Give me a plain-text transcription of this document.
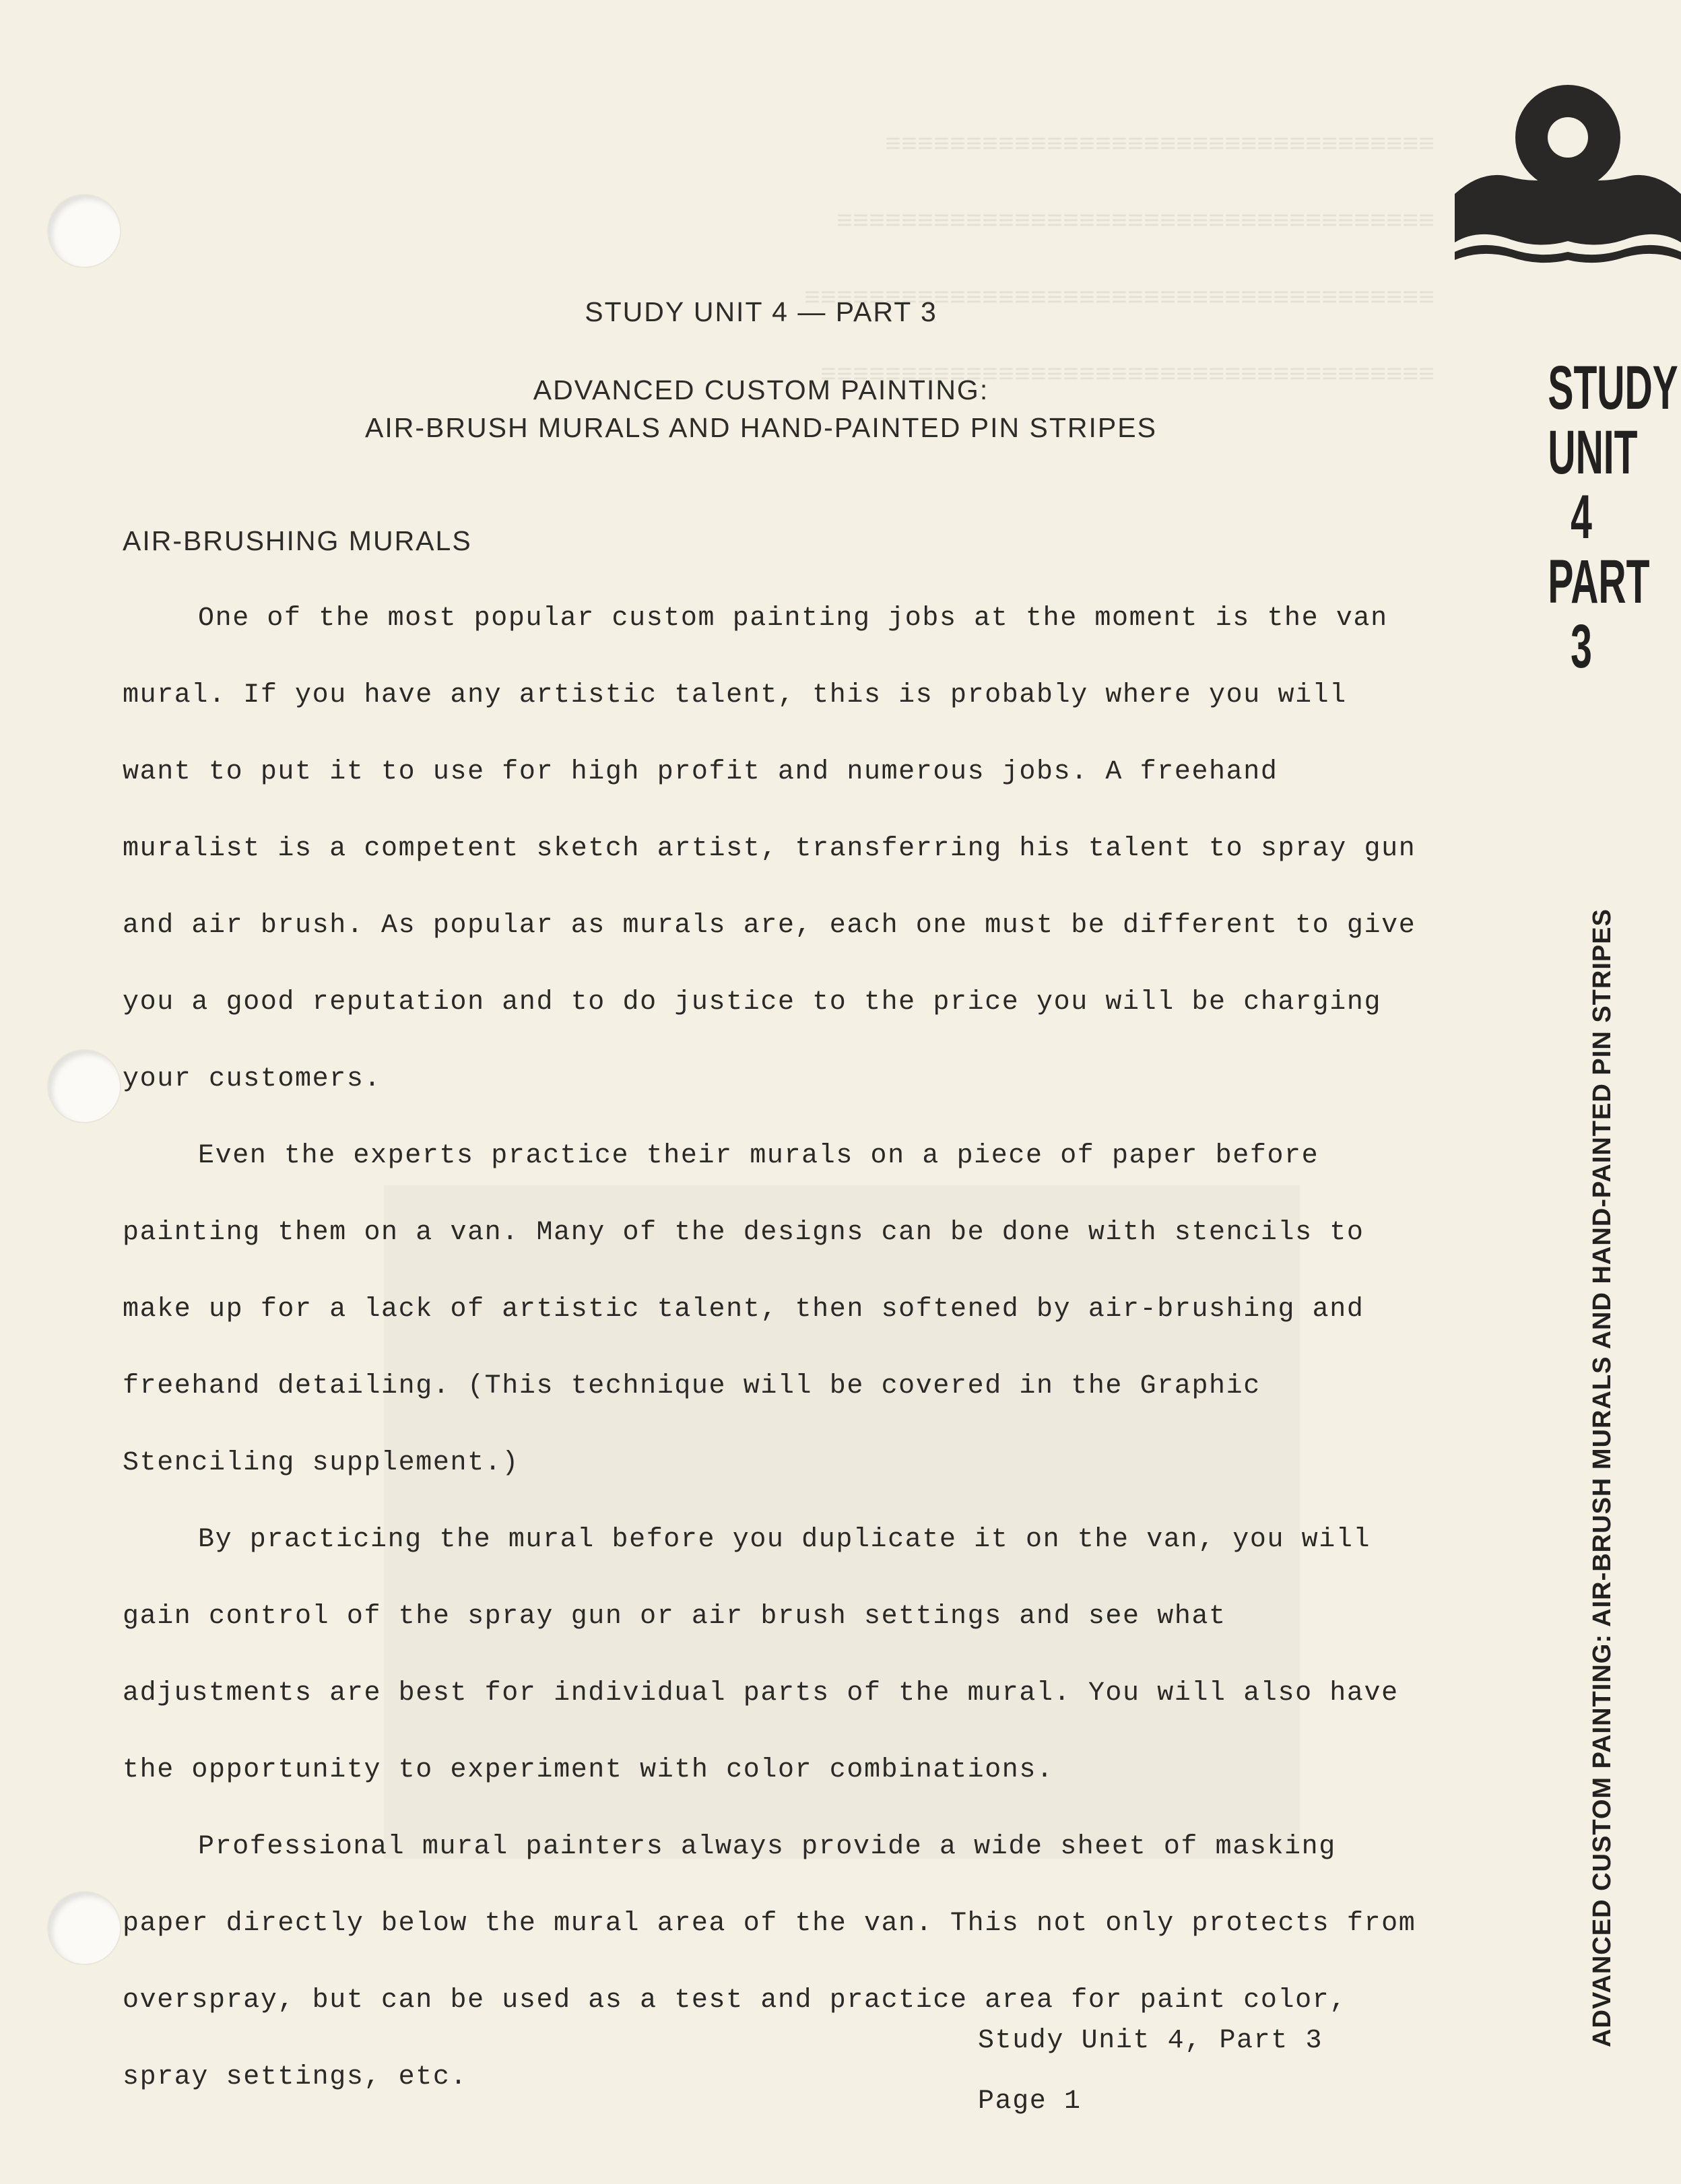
≡≡≡≡≡≡≡≡≡≡≡≡≡≡≡≡≡≡≡≡≡≡≡≡≡≡≡≡≡≡≡≡≡≡
≡≡≡≡≡≡≡≡≡≡≡≡≡≡≡≡≡≡≡≡≡≡≡≡≡≡≡≡≡≡≡≡≡≡≡≡≡
≡≡≡≡≡≡≡≡≡≡≡≡≡≡≡≡≡≡≡≡≡≡≡≡≡≡≡≡≡≡≡≡≡≡≡≡≡≡≡
≡≡≡≡≡≡≡≡≡≡≡≡≡≡≡≡≡≡≡≡≡≡≡≡≡≡≡≡≡≡≡≡≡≡≡≡≡≡
STUDY UNIT 4 — PART 3
ADVANCED CUSTOM PAINTING:
AIR-BRUSH MURALS AND HAND-PAINTED PIN STRIPES
AIR-BRUSHING MURALS

One of the most popular custom painting jobs at the moment is the van mural. If you have any artistic talent, this is probably where you will want to put it to use for high profit and numerous jobs. A freehand muralist is a competent sketch artist, transferring his talent to spray gun and air brush. As popular as murals are, each one must be different to give you a good reputation and to do justice to the price you will be charging your customers.

Even the experts practice their murals on a piece of paper before painting them on a van. Many of the designs can be done with stencils to make up for a lack of artistic talent, then softened by air-brushing and freehand detailing. (This technique will be covered in the Graphic Stenciling supplement.)

By practicing the mural before you duplicate it on the van, you will gain control of the spray gun or air brush settings and see what adjustments are best for individual parts of the mural. You will also have the opportunity to experiment with color combinations.

Professional mural painters always provide a wide sheet of masking paper directly below the mural area of the van. This not only protects from overspray, but can be used as a test and practice area for paint color, spray settings, etc.

Study Unit 4, Part 3
Page 1
STUDY
UNIT
4
PART
3
ADVANCED CUSTOM PAINTING: AIR-BRUSH MURALS AND HAND-PAINTED PIN STRIPES
